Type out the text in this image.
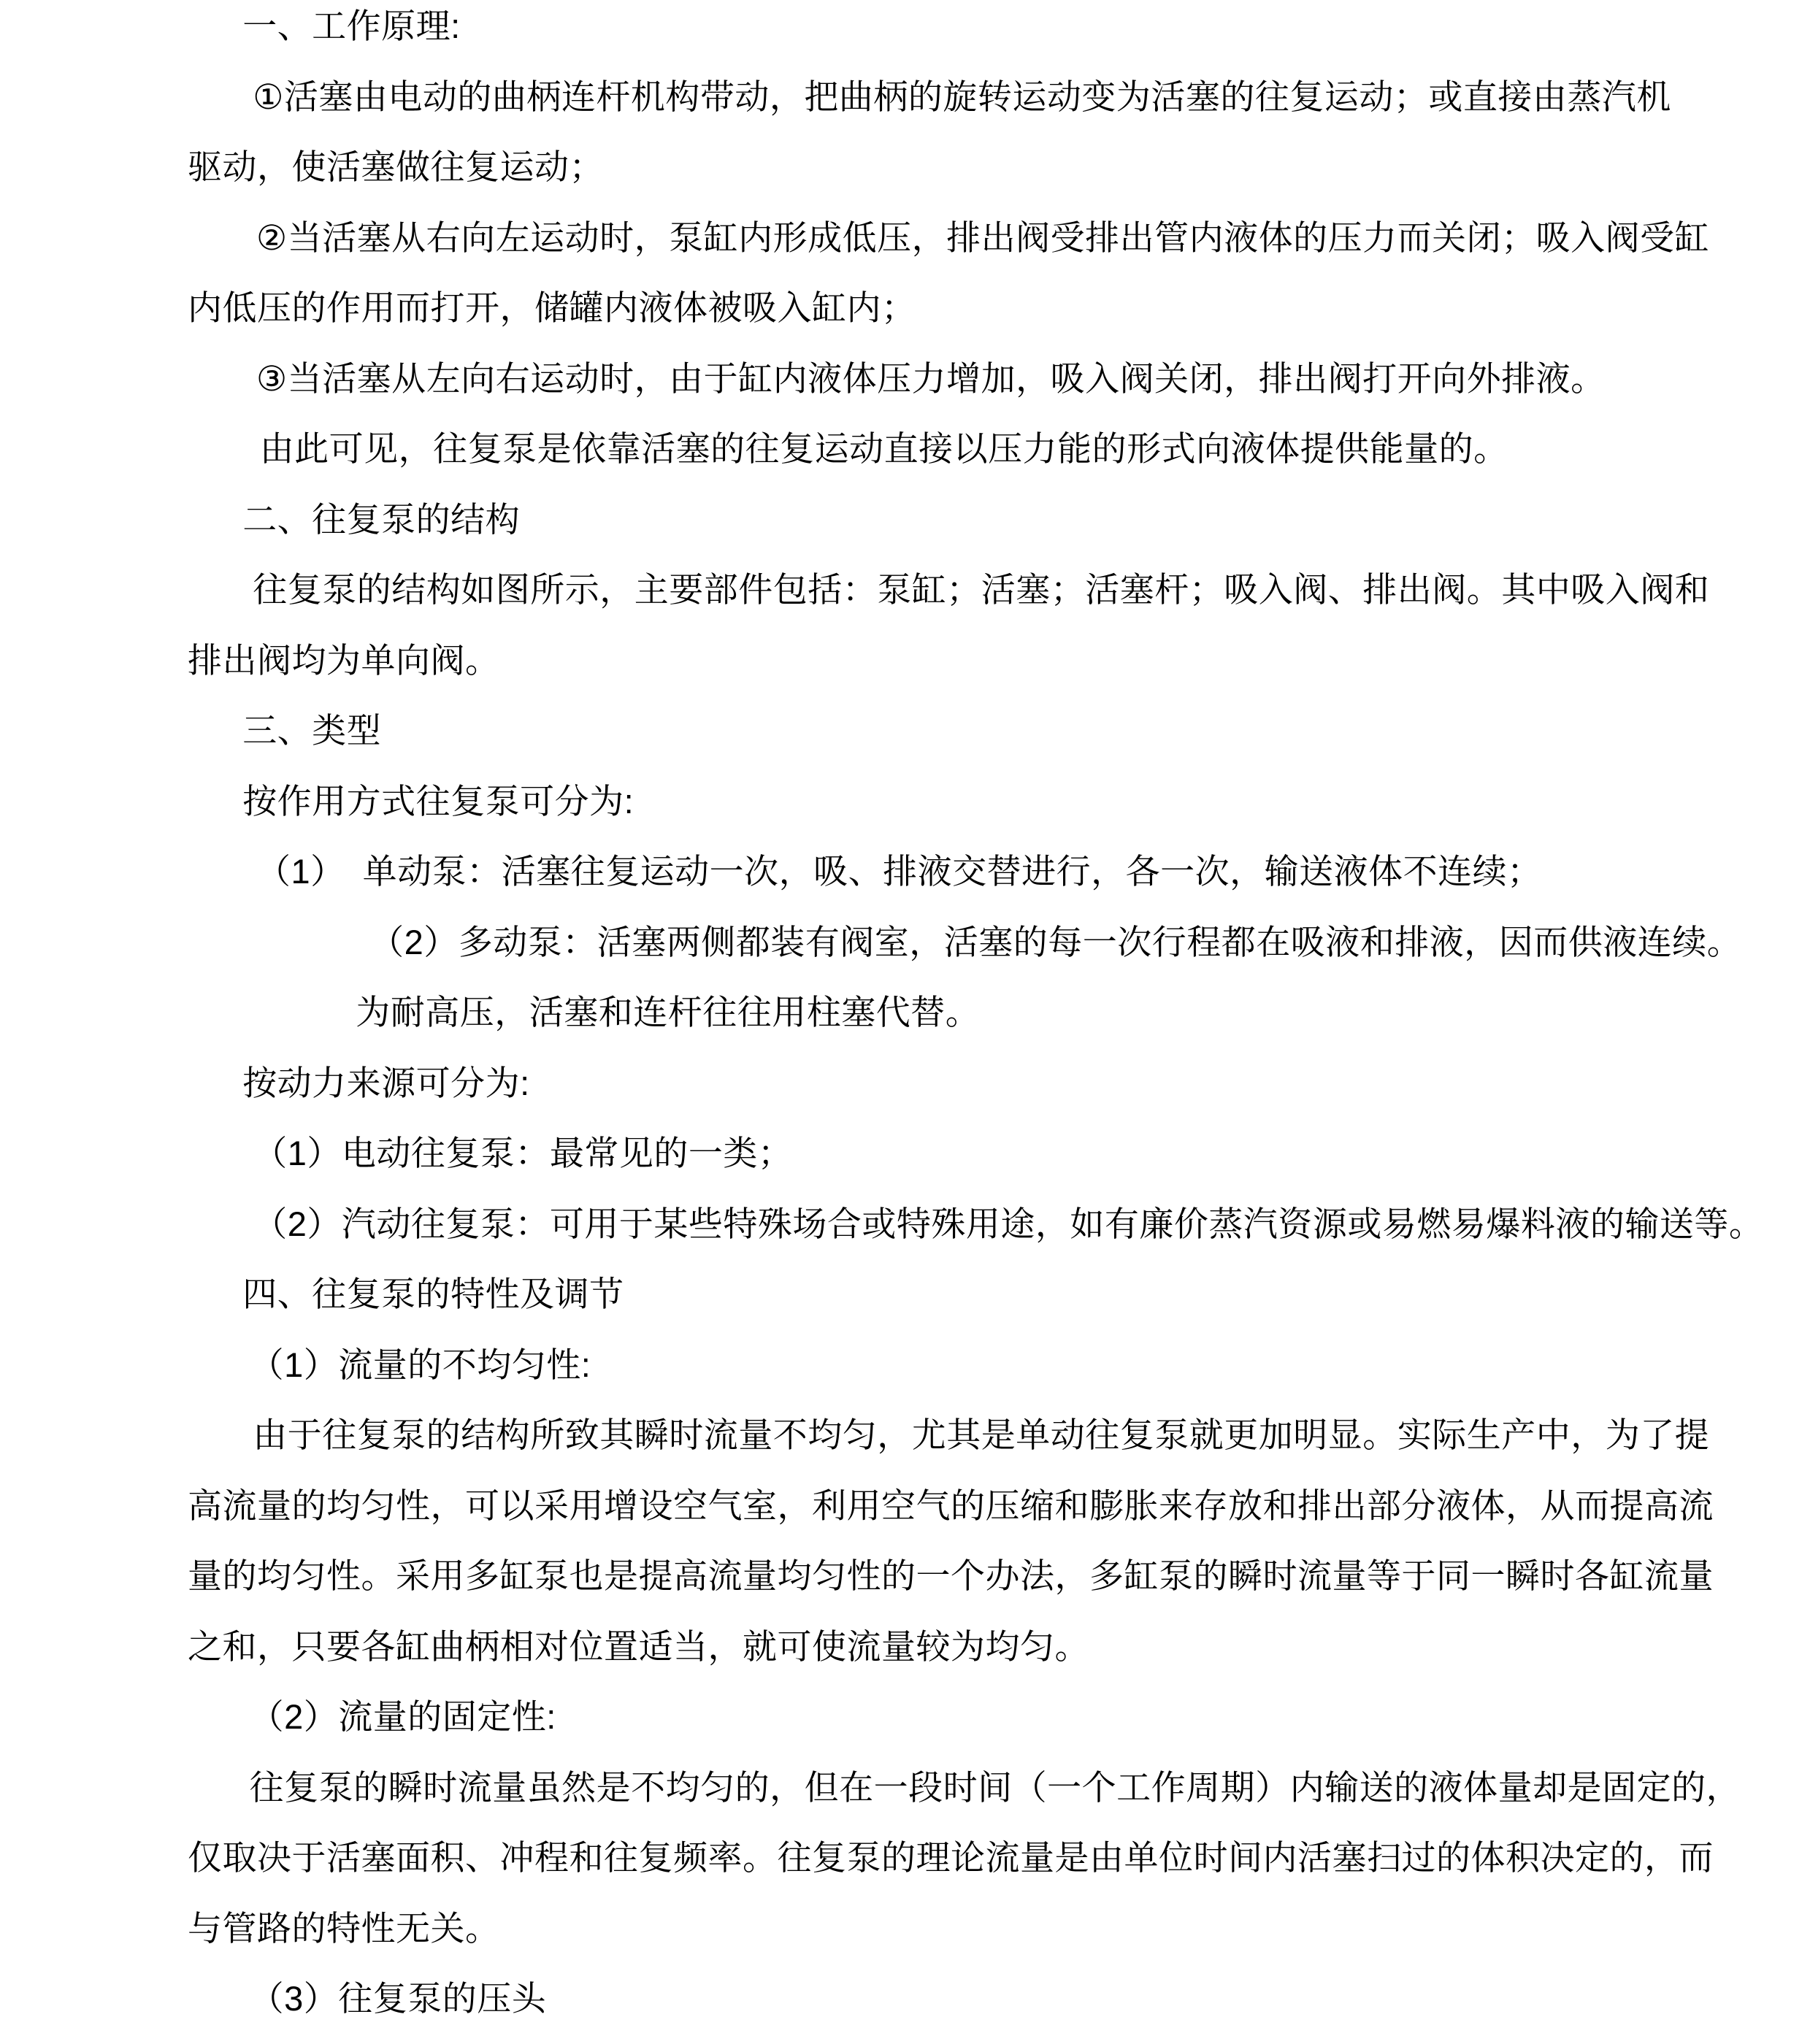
一、工作原理:
①活塞由电动的曲柄连杆机构带动，把曲柄的旋转运动变为活塞的往复运动；或直接由蒸汽机
驱动，使活塞做往复运动；
②当活塞从右向左运动时，泵缸内形成低压，排出阀受排出管内液体的压力而关闭；吸入阀受缸
内低压的作用而打开，储罐内液体被吸入缸内；
③当活塞从左向右运动时，由于缸内液体压力增加，吸入阀关闭，排出阀打开向外排液。
由此可见，往复泵是依靠活塞的往复运动直接以压力能的形式向液体提供能量的。
二、往复泵的结构
往复泵的结构如图所示，主要部件包括：泵缸；活塞；活塞杆；吸入阀、排出阀。其中吸入阀和
排出阀均为单向阀。
三、类型
按作用方式往复泵可分为:
（1）　单动泵：活塞往复运动一次，吸、排液交替进行，各一次，输送液体不连续；
（2）多动泵：活塞两侧都装有阀室，活塞的每一次行程都在吸液和排液，因而供液连续。
为耐高压，活塞和连杆往往用柱塞代替。
按动力来源可分为:
（1）电动往复泵：最常见的一类；
（2）汽动往复泵：可用于某些特殊场合或特殊用途，如有廉价蒸汽资源或易燃易爆料液的输送等。
四、往复泵的特性及调节
（1）流量的不均匀性:
由于往复泵的结构所致其瞬时流量不均匀，尤其是单动往复泵就更加明显。实际生产中，为了提
高流量的均匀性，可以采用增设空气室，利用空气的压缩和膨胀来存放和排出部分液体，从而提高流
量的均匀性。采用多缸泵也是提高流量均匀性的一个办法，多缸泵的瞬时流量等于同一瞬时各缸流量
之和，只要各缸曲柄相对位置适当，就可使流量较为均匀。
（2）流量的固定性:
往复泵的瞬时流量虽然是不均匀的，但在一段时间（一个工作周期）内输送的液体量却是固定的，
仅取决于活塞面积、冲程和往复频率。往复泵的理论流量是由单位时间内活塞扫过的体积决定的，而
与管路的特性无关。
（3）往复泵的压头
